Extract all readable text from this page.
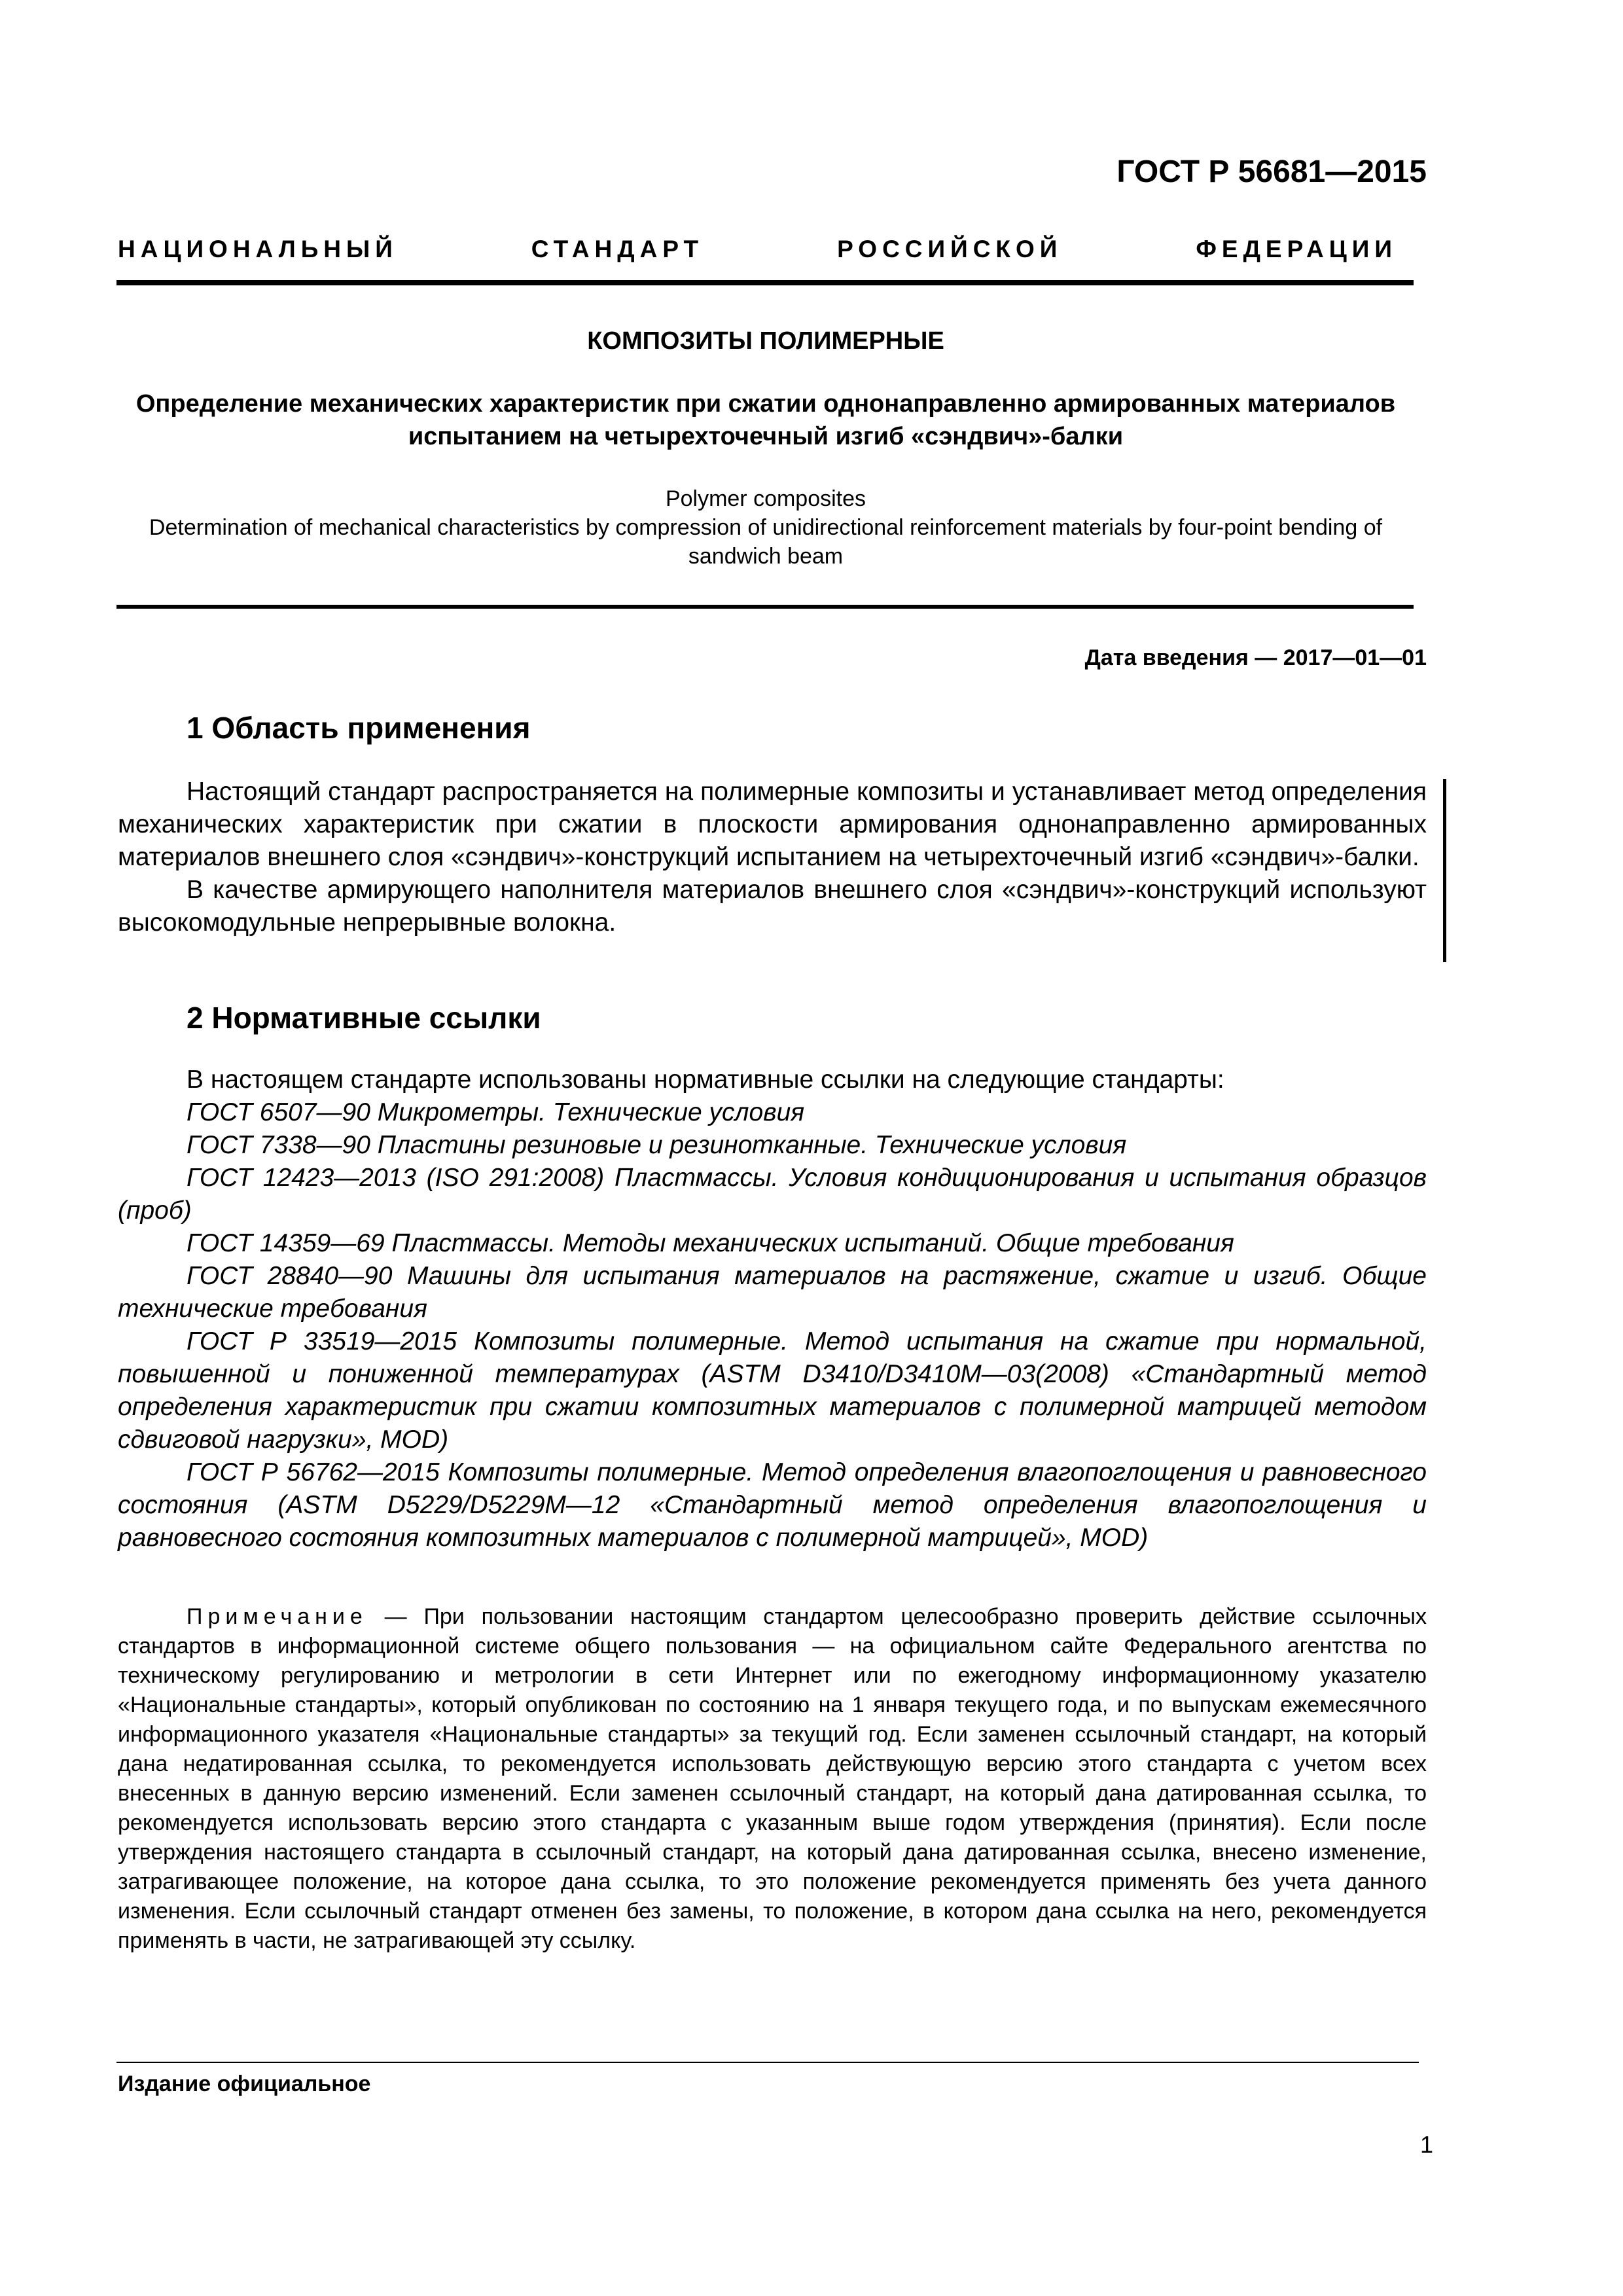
ГОСТ Р 56681—2015
НАЦИОНАЛЬНЫЙ	СТАНДАРТ	РОССИЙСКОЙ	ФЕДЕРАЦИИ
КОМПОЗИТЫ ПОЛИМЕРНЫЕ
Определение механических характеристик при сжатии однонаправленно армированных материалов испытанием на четырехточечный изгиб «сэндвич»-балки
Polymer composites
Determination of mechanical characteristics by compression of unidirectional reinforcement materials by four-point bending of sandwich beam
Дата введения — 2017—01—01
1 Область применения

Настоящий стандарт распространяется на полимерные композиты и устанавливает метод определения механических характеристик при сжатии в плоскости армирования однонаправленно армированных материалов внешнего слоя «сэндвич»-конструкций испытанием на четырехточечный изгиб «сэндвич»-балки.

В качестве армирующего наполнителя материалов внешнего слоя «сэндвич»-конструкций используют высокомодульные непрерывные волокна.

2 Нормативные ссылки

В настоящем стандарте использованы нормативные ссылки на следующие стандарты:

ГОСТ 6507—90 Микрометры. Технические условия

ГОСТ 7338—90 Пластины резиновые и резинотканные. Технические условия

ГОСТ 12423—2013 (ISO 291:2008) Пластмассы. Условия кондиционирования и испытания образцов (проб)

ГОСТ 14359—69 Пластмассы. Методы механических испытаний. Общие требования

ГОСТ 28840—90 Машины для испытания материалов на растяжение, сжатие и изгиб. Общие технические требования

ГОСТ Р 33519—2015 Композиты полимерные. Метод испытания на сжатие при нормальной, повышенной и пониженной температурах (ASTM D3410/D3410M—03(2008) «Стандартный метод определения характеристик при сжатии композитных материалов с полимерной матрицей методом сдвиговой нагрузки», MOD)

ГОСТ Р 56762—2015 Композиты полимерные. Метод определения влагопоглощения и равновесного состояния (ASTM D5229/D5229M—12 «Стандартный метод определения влагопоглощения и равновесного состояния композитных материалов с полимерной матрицей», MOD)

Примечание — При пользовании настоящим стандартом целесообразно проверить действие ссылочных стандартов в информационной системе общего пользования — на официальном сайте Федерального агентства по техническому регулированию и метрологии в сети Интернет или по ежегодному информационному указателю «Национальные стандарты», который опубликован по состоянию на 1 января текущего года, и по выпускам ежемесячного информационного указателя «Национальные стандарты» за текущий год. Если заменен ссылочный стандарт, на который дана недатированная ссылка, то рекомендуется использовать действующую версию этого стандарта с учетом всех внесенных в данную версию изменений. Если заменен ссылочный стандарт, на который дана датированная ссылка, то рекомендуется использовать версию этого стандарта с указанным выше годом утверждения (принятия). Если после утверждения настоящего стандарта в ссылочный стандарт, на который дана датированная ссылка, внесено изменение, затрагивающее положение, на которое дана ссылка, то это положение рекомендуется применять без учета данного изменения. Если ссылочный стандарт отменен без замены, то положение, в котором дана ссылка на него, рекомендуется применять в части, не затрагивающей эту ссылку.

Издание официальное
1
